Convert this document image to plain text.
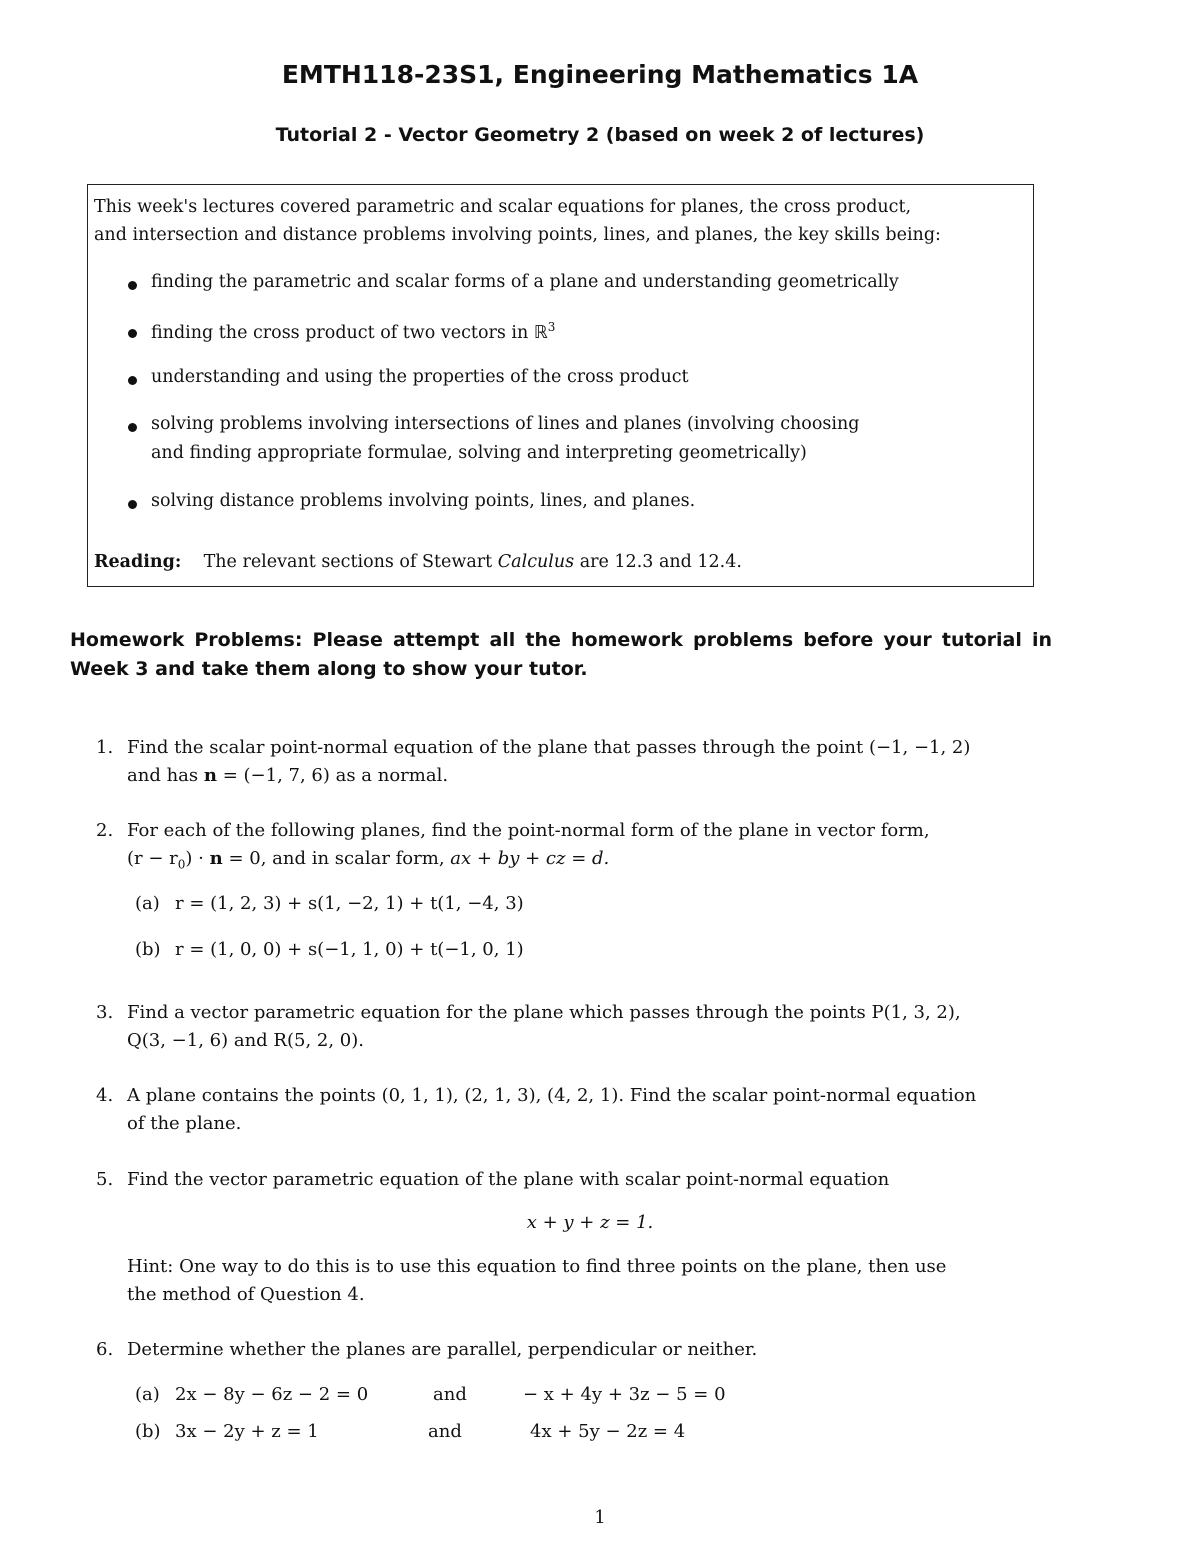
EMTH118-23S1, Engineering Mathematics 1A
Tutorial 2 - Vector Geometry 2 (based on week 2 of lectures)
This week's lectures covered parametric and scalar equations for planes, the cross product,
and intersection and distance problems involving points, lines, and planes, the key skills being:
finding the parametric and scalar forms of a plane and understanding geometrically
finding the cross product of two vectors in ℝ$^3$
understanding and using the properties of the cross product
solving problems involving intersections of lines and planes (involving choosing
and finding appropriate formulae, solving and interpreting geometrically)
solving distance problems involving points, lines, and planes.
Reading: The relevant sections of Stewart Calculus are 12.3 and 12.4.
Homework Problems: Please attempt all the homework problems before your tutorial in Week 3 and take them along to show your tutor.
1. Find the scalar point-normal equation of the plane that passes through the point (−1, −1, 2)
and has n = (−1, 7, 6) as a normal.
2. For each of the following planes, find the point-normal form of the plane in vector form,
$(r - r_0) \cdot n = 0$, and in scalar form, ax + by + cz = d.
(a) r = (1, 2, 3) + s(1, −2, 1) + t(1, −4, 3)
(b) r = (1, 0, 0) + s(−1, 1, 0) + t(−1, 0, 1)
3. Find a vector parametric equation for the plane which passes through the points P(1, 3, 2),
Q(3, −1, 6) and R(5, 2, 0).
4. A plane contains the points (0, 1, 1), (2, 1, 3), (4, 2, 1). Find the scalar point-normal equation
of the plane.
5. Find the vector parametric equation of the plane with scalar point-normal equation
x + y + z = 1.
Hint: One way to do this is to use this equation to find three points on the plane, then use
the method of Question 4.
6. Determine whether the planes are parallel, perpendicular or neither.
(a) 2x − 8y − 6z − 2 = 0	and	− x + 4y + 3z − 5 = 0
(b) 3x − 2y + z = 1	and	4x + 5y − 2z = 4
1
